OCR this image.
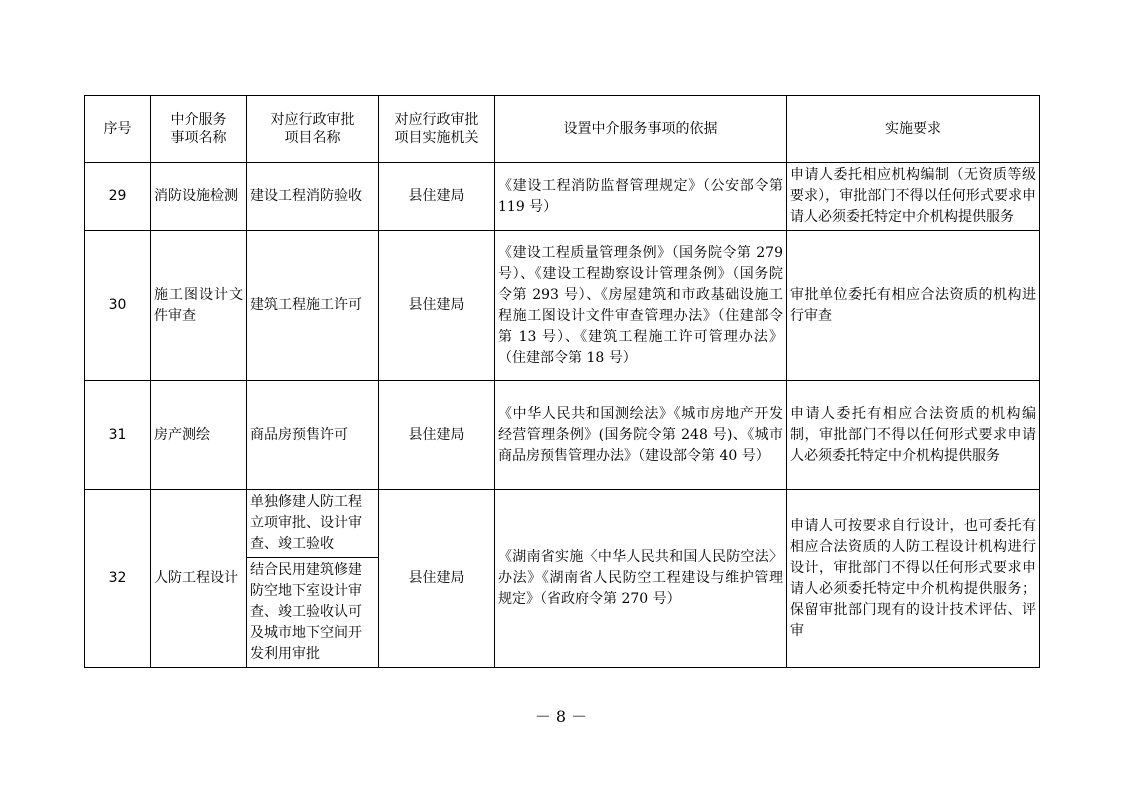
序号	中介服务事项名称	对应行政审批项目名称	对应行政审批项目实施机关	设置中介服务事项的依据	实施要求
29	消防设施检测	建设工程消防验收	县住建局	《建设工程消防监督管理规定》（公安部令第 119 号）	申请人委托相应机构编制（无资质等级要求），审批部门不得以任何形式要求申请人必须委托特定中介机构提供服务
30	施工图设计文件审查	建筑工程施工许可	县住建局	《建设工程质量管理条例》（国务院令第 279 号）、《建设工程勘察设计管理条例》（国务院令第 293 号）、《房屋建筑和市政基础设施工程施工图设计文件审查管理办法》（住建部令第 13 号）、《建筑工程施工许可管理办法》（住建部令第 18 号）	审批单位委托有相应合法资质的机构进行审查
31	房产测绘	商品房预售许可	县住建局	《中华人民共和国测绘法》《城市房地产开发经营管理条例》(国务院令第 248 号)、《城市商品房预售管理办法》（建设部令第 40 号）	申请人委托有相应合法资质的机构编制，审批部门不得以任何形式要求申请人必须委托特定中介机构提供服务
32	人防工程设计	单独修建人防工程立项审批、设计审查、竣工验收	县住建局	《湖南省实施〈中华人民共和国人民防空法〉办法》《湖南省人民防空工程建设与维护管理规定》（省政府令第 270 号）	申请人可按要求自行设计，也可委托有相应合法资质的人防工程设计机构进行设计，审批部门不得以任何形式要求申请人必须委托特定中介机构提供服务；保留审批部门现有的设计技术评估、评审
		结合民用建筑修建防空地下室设计审查、竣工验收认可及城市地下空间开发利用审批			
－ 8 －
